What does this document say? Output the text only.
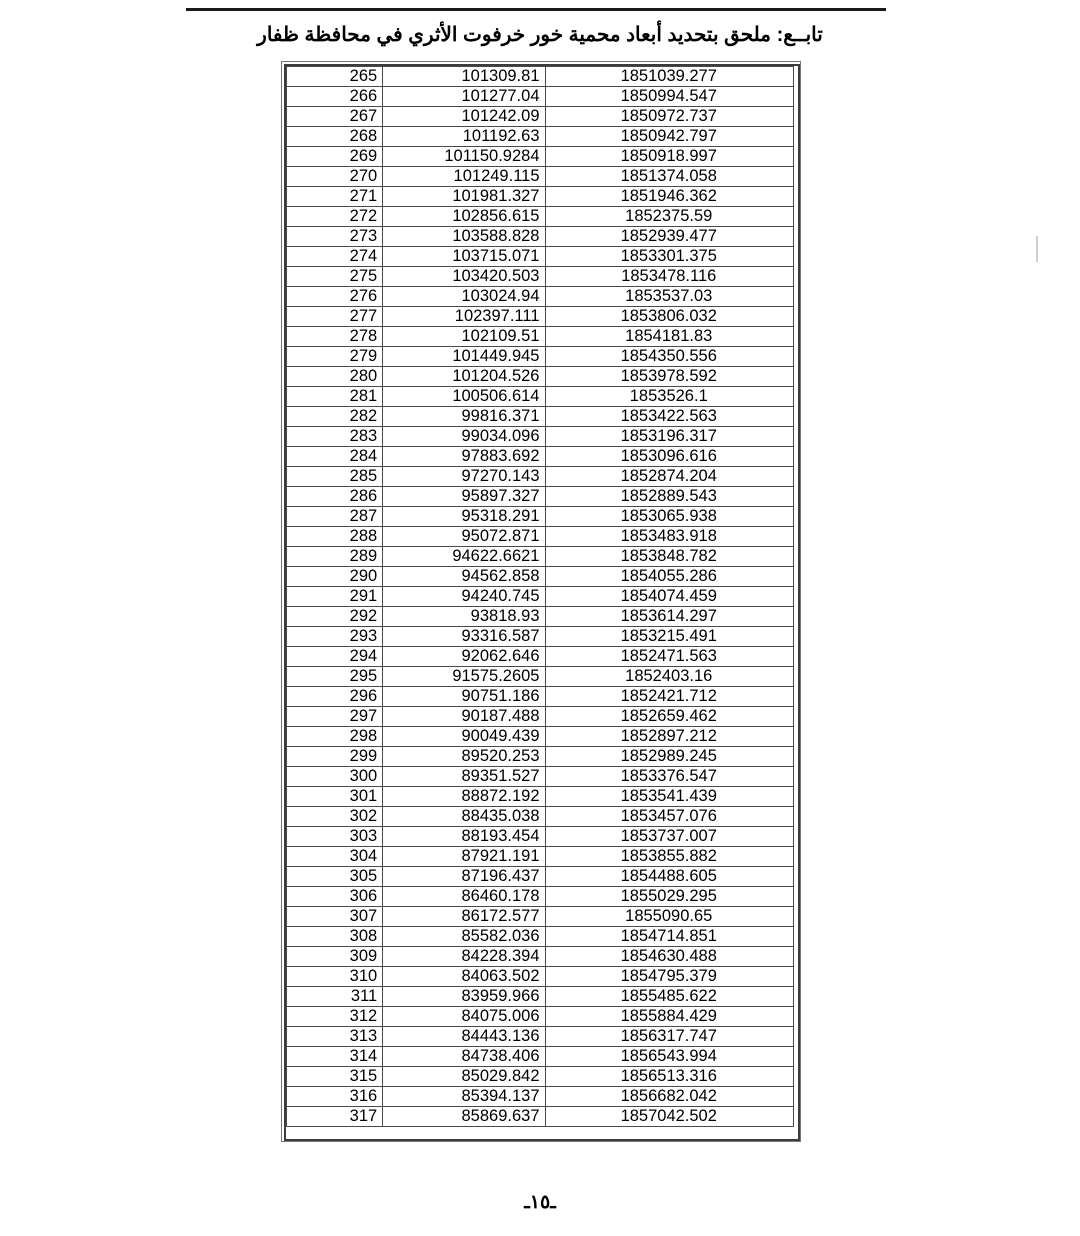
تابــع: ملحق بتحديد أبعاد محمية خور خرفوت الأثري في محافظة ظفار
265	101309.81	1851039.277
266	101277.04	1850994.547
267	101242.09	1850972.737
268	101192.63	1850942.797
269	101150.9284	1850918.997
270	101249.115	1851374.058
271	101981.327	1851946.362
272	102856.615	1852375.59
273	103588.828	1852939.477
274	103715.071	1853301.375
275	103420.503	1853478.116
276	103024.94	1853537.03
277	102397.111	1853806.032
278	102109.51	1854181.83
279	101449.945	1854350.556
280	101204.526	1853978.592
281	100506.614	1853526.1
282	99816.371	1853422.563
283	99034.096	1853196.317
284	97883.692	1853096.616
285	97270.143	1852874.204
286	95897.327	1852889.543
287	95318.291	1853065.938
288	95072.871	1853483.918
289	94622.6621	1853848.782
290	94562.858	1854055.286
291	94240.745	1854074.459
292	93818.93	1853614.297
293	93316.587	1853215.491
294	92062.646	1852471.563
295	91575.2605	1852403.16
296	90751.186	1852421.712
297	90187.488	1852659.462
298	90049.439	1852897.212
299	89520.253	1852989.245
300	89351.527	1853376.547
301	88872.192	1853541.439
302	88435.038	1853457.076
303	88193.454	1853737.007
304	87921.191	1853855.882
305	87196.437	1854488.605
306	86460.178	1855029.295
307	86172.577	1855090.65
308	85582.036	1854714.851
309	84228.394	1854630.488
310	84063.502	1854795.379
311	83959.966	1855485.622
312	84075.006	1855884.429
313	84443.136	1856317.747
314	84738.406	1856543.994
315	85029.842	1856513.316
316	85394.137	1856682.042
317	85869.637	1857042.502
ـ١٥ـ
